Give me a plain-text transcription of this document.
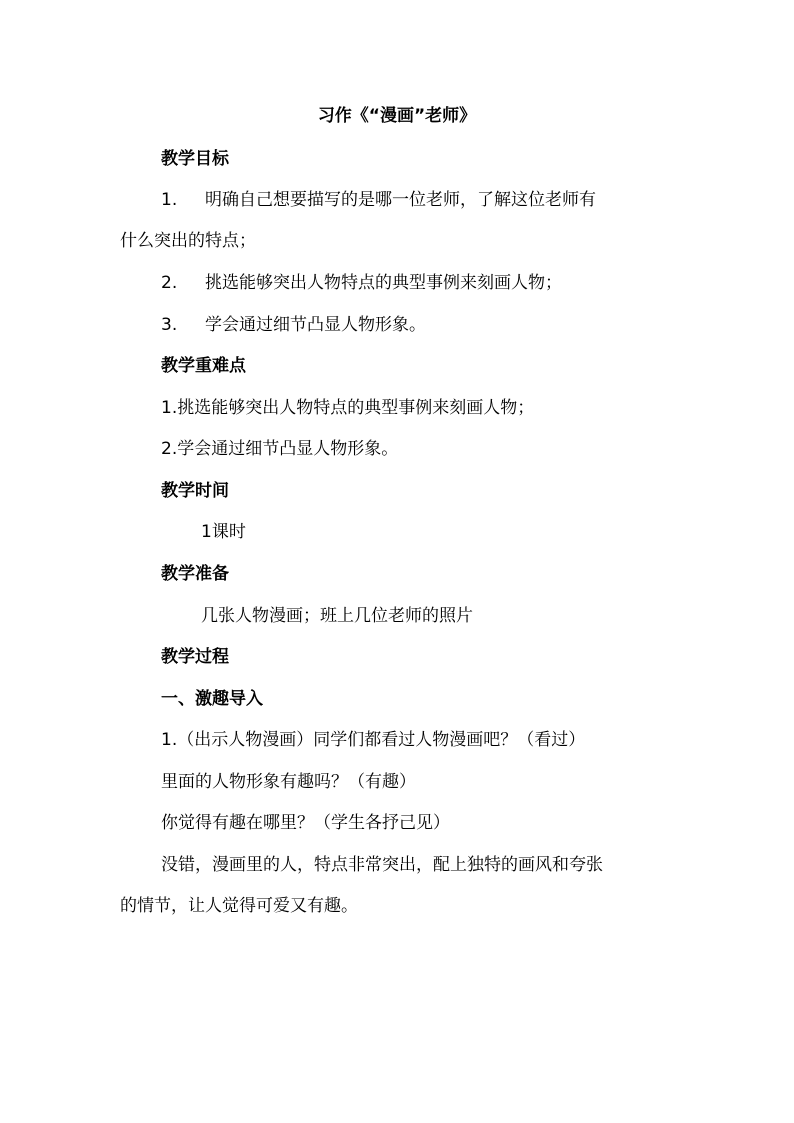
习作《“漫画”老师》
教学目标
1. 明确自己想要描写的是哪一位老师，了解这位老师有
什么突出的特点；
2. 挑选能够突出人物特点的典型事例来刻画人物；
3. 学会通过细节凸显人物形象。
教学重难点
1.挑选能够突出人物特点的典型事例来刻画人物；
2.学会通过细节凸显人物形象。
教学时间
1课时
教学准备
几张人物漫画；班上几位老师的照片
教学过程
一、激趣导入
1.（出示人物漫画）同学们都看过人物漫画吧？（看过）
里面的人物形象有趣吗？（有趣）
你觉得有趣在哪里？（学生各抒己见）
没错，漫画里的人，特点非常突出，配上独特的画风和夸张
的情节，让人觉得可爱又有趣。
